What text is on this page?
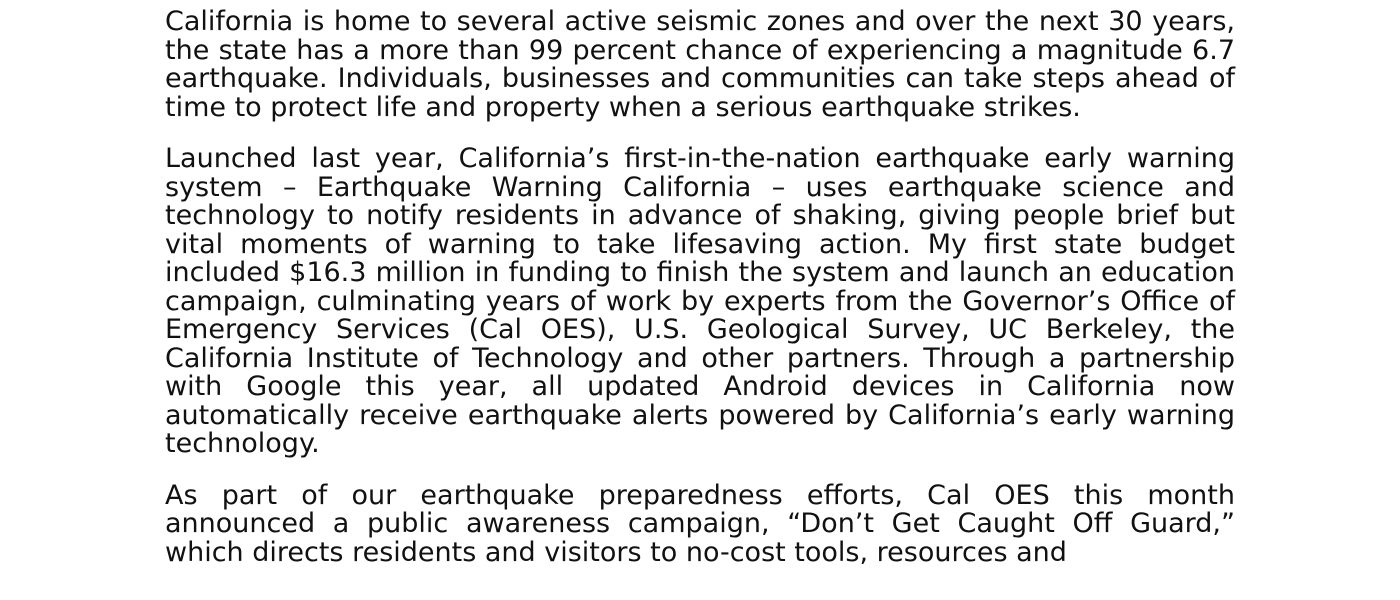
California is home to several active seismic zones and over the next 30 years, the state has a more than 99 percent chance of experiencing a magnitude 6.7 earthquake. Individuals, businesses and communities can take steps ahead of time to protect life and property when a serious earthquake strikes.

Launched last year, California’s first-in-the-nation earthquake early warning system – Earthquake Warning California – uses earthquake science and technology to notify residents in advance of shaking, giving people brief but vital moments of warning to take lifesaving action. My first state budget included $16.3 million in funding to finish the system and launch an education campaign, culminating years of work by experts from the Governor’s Office of Emergency Services (Cal OES), U.S. Geological Survey, UC Berkeley, the California Institute of Technology and other partners. Through a partnership with Google this year, all updated Android devices in California now automatically receive earthquake alerts powered by California’s early warning technology.

As part of our earthquake preparedness efforts, Cal OES this month announced a public awareness campaign, “Don’t Get Caught Off Guard,” which directs residents and visitors to no-cost tools, resources and
